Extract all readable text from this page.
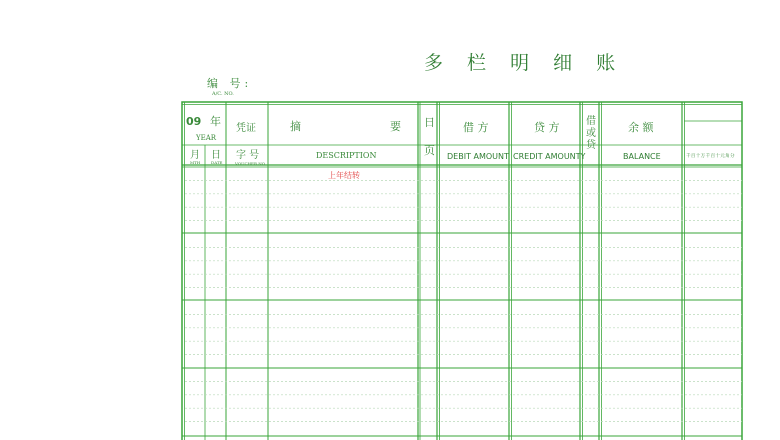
多 栏 明 细 账
编 号:
A/C. NO.
09 年
YEAR
月
MTH
日
DATE
凭证
字 号
VOUCHER NO.
摘	要
DESCRIPTION
日
页
借 方
DEBIT AMOUNT
贷 方
CREDIT AMOUNTY
借
或
贷
余 额
BALANCE	千百十万千百十元角分
上年结转
